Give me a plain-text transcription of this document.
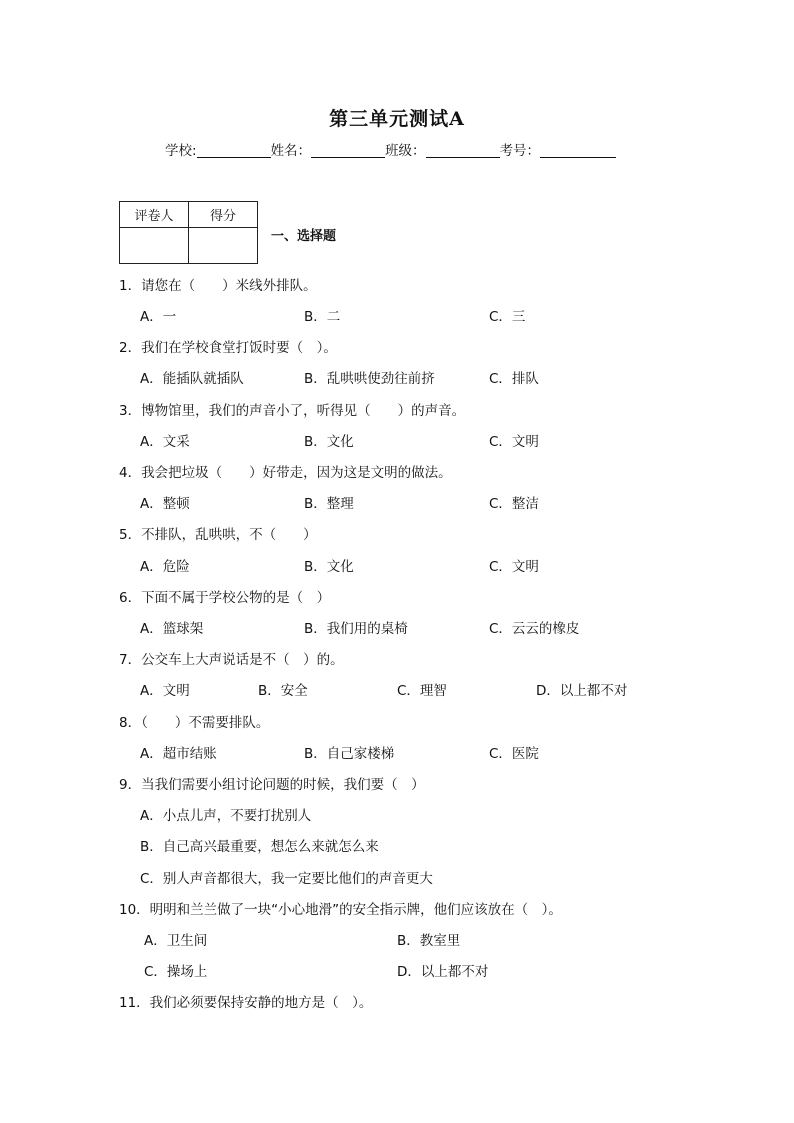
第三单元测试A
学校:	姓名：	班级：	考号：
评卷人	得分

一、选择题
1．请您在（　　）米线外排队。
A．一	B．二	C．三
2．我们在学校食堂打饭时要（　）。
A．能插队就插队	B．乱哄哄使劲往前挤	C．排队
3．博物馆里，我们的声音小了，听得见（　　）的声音。
A．文采	B．文化	C．文明
4．我会把垃圾（　　）好带走，因为这是文明的做法。
A．整顿	B．整理	C．整洁
5．不排队，乱哄哄，不（　　）
A．危险	B．文化	C．文明
6．下面不属于学校公物的是（　）
A．篮球架	B．我们用的桌椅	C．云云的橡皮
7．公交车上大声说话是不（　）的。
A．文明	B．安全	C．理智	D．以上都不对
8．（　　）不需要排队。
A．超市结账	B．自己家楼梯	C．医院
9．当我们需要小组讨论问题的时候，我们要（　）
A．小点儿声，不要打扰别人
B．自己高兴最重要，想怎么来就怎么来
C．别人声音都很大，我一定要比他们的声音更大
10．明明和兰兰做了一块“小心地滑”的安全指示牌，他们应该放在（　）。
A．卫生间	B．教室里
C．操场上	D．以上都不对
11．我们必须要保持安静的地方是（　）。
